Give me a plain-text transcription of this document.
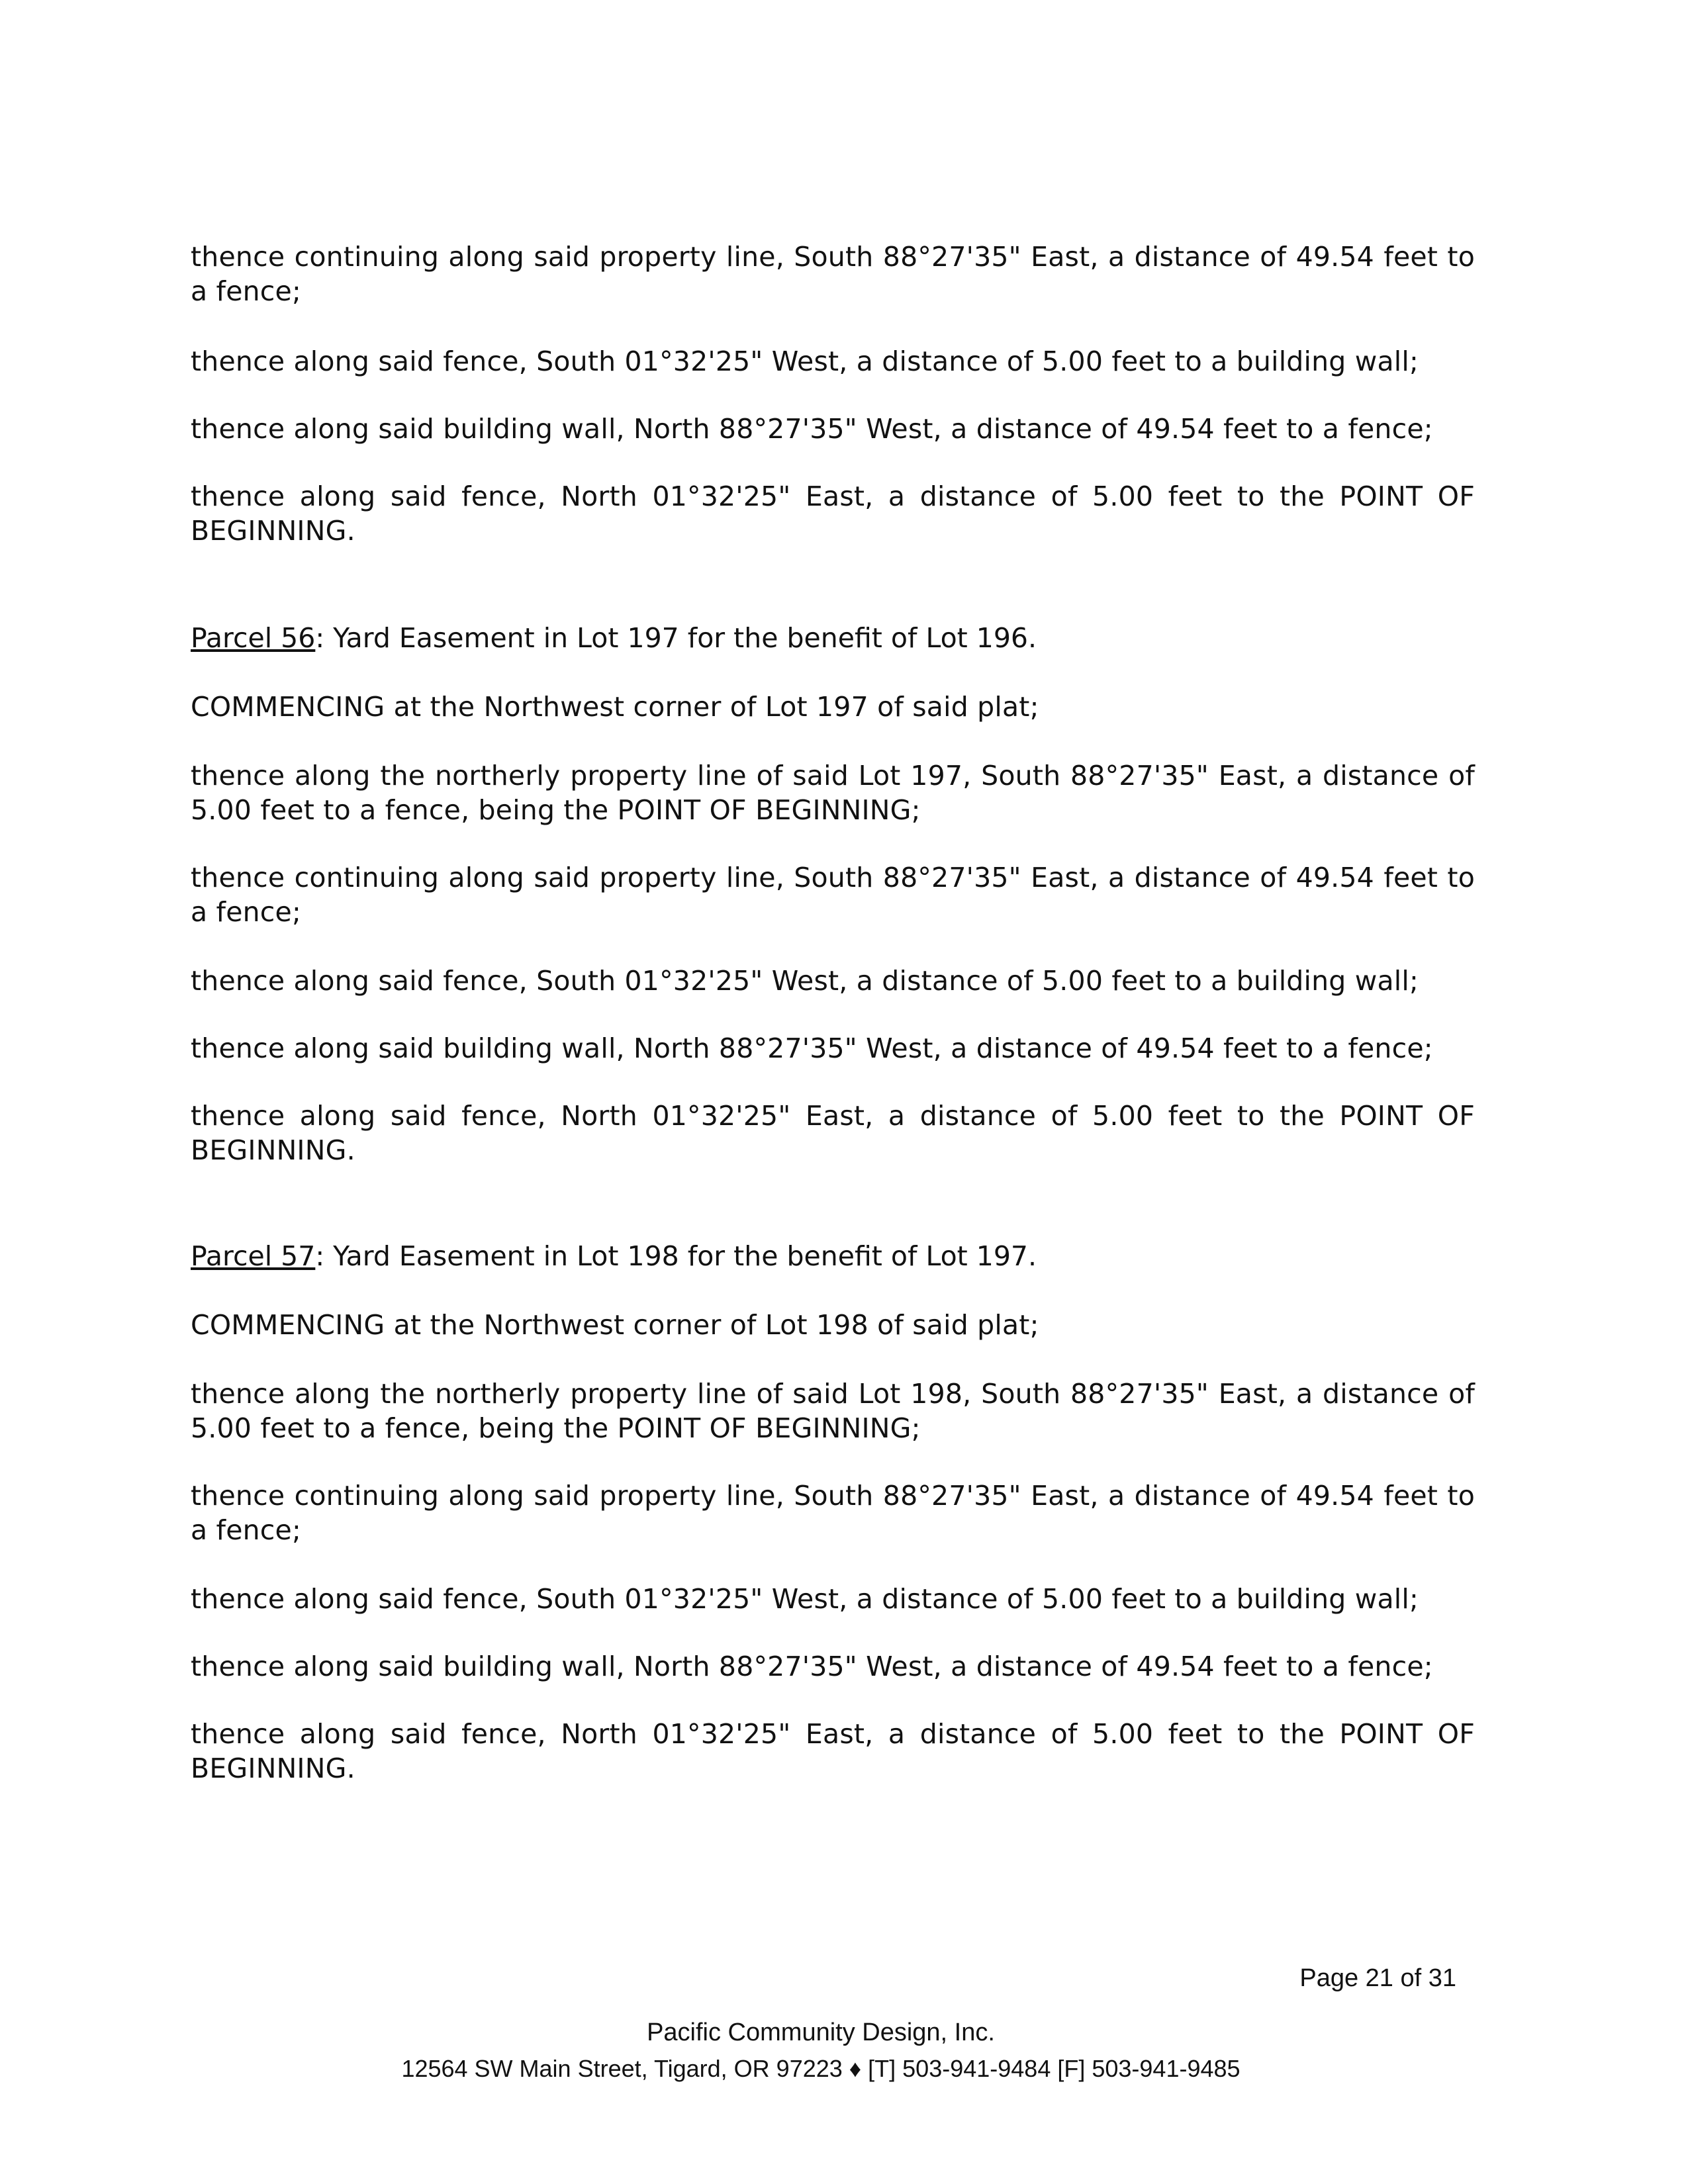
thence continuing along said property line, South 88°27'35" East, a distance of 49.54 feet to a fence;
thence along said fence, South 01°32'25" West, a distance of 5.00 feet to a building wall;
thence along said building wall, North 88°27'35" West, a distance of 49.54 feet to a fence;
thence along said fence, North 01°32'25" East, a distance of 5.00 feet to the POINT OF BEGINNING.
Parcel 56: Yard Easement in Lot 197 for the benefit of Lot 196.
COMMENCING at the Northwest corner of Lot 197 of said plat;
thence along the northerly property line of said Lot 197, South 88°27'35" East, a distance of 5.00 feet to a fence, being the POINT OF BEGINNING;
thence continuing along said property line, South 88°27'35" East, a distance of 49.54 feet to a fence;
thence along said fence, South 01°32'25" West, a distance of 5.00 feet to a building wall;
thence along said building wall, North 88°27'35" West, a distance of 49.54 feet to a fence;
thence along said fence, North 01°32'25" East, a distance of 5.00 feet to the POINT OF BEGINNING.
Parcel 57: Yard Easement in Lot 198 for the benefit of Lot 197.
COMMENCING at the Northwest corner of Lot 198 of said plat;
thence along the northerly property line of said Lot 198, South 88°27'35" East, a distance of 5.00 feet to a fence, being the POINT OF BEGINNING;
thence continuing along said property line, South 88°27'35" East, a distance of 49.54 feet to a fence;
thence along said fence, South 01°32'25" West, a distance of 5.00 feet to a building wall;
thence along said building wall, North 88°27'35" West, a distance of 49.54 feet to a fence;
thence along said fence, North 01°32'25" East, a distance of 5.00 feet to the POINT OF BEGINNING.
Page 21 of 31
Pacific Community Design, Inc.
12564 SW Main Street, Tigard, OR 97223 ♦ [T] 503-941-9484 [F] 503-941-9485
